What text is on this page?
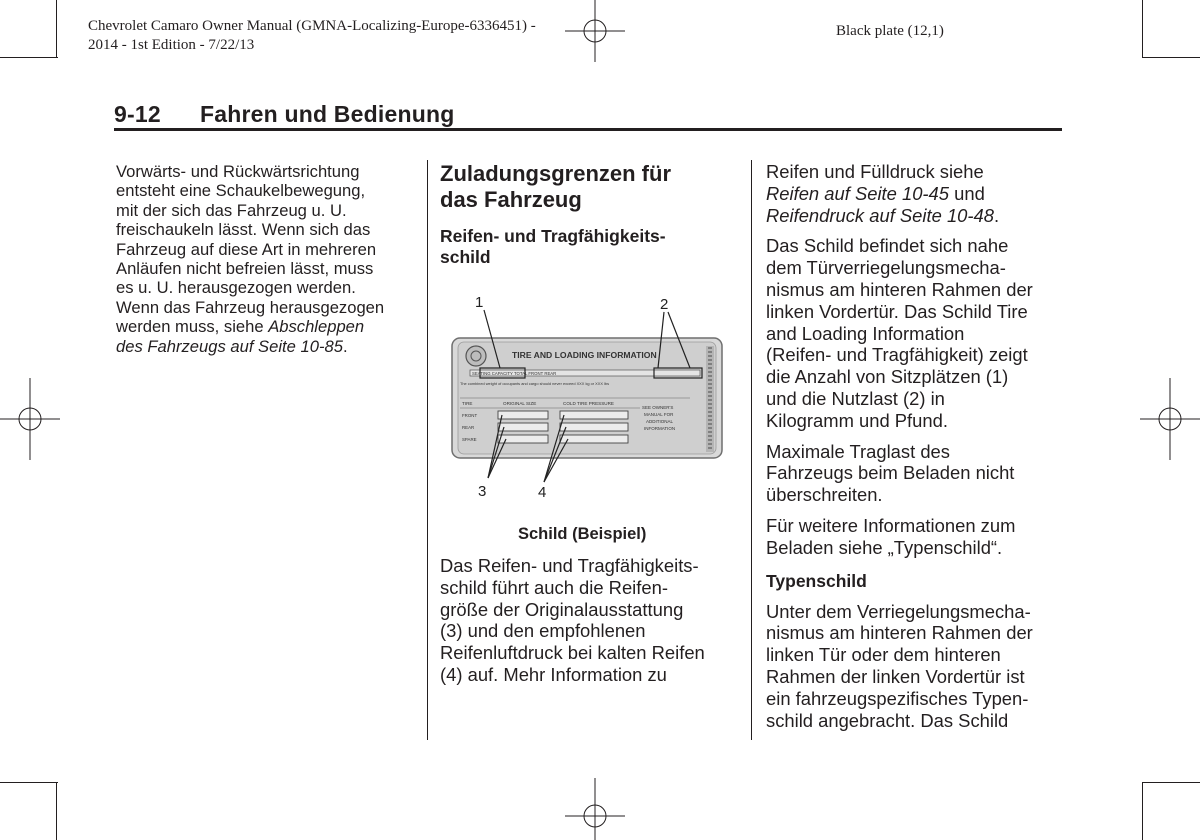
Chevrolet Camaro Owner Manual (GMNA-Localizing-Europe-6336451) -
2014 - 1st Edition - 7/22/13
Black plate (12,1)
9-12 Fahren und Bedienung
Vorwärts- und Rückwärtsrichtung
entsteht eine Schaukelbewegung,
mit der sich das Fahrzeug u. U.
freischaukeln lässt. Wenn sich das
Fahrzeug auf diese Art in mehreren
Anläufen nicht befreien lässt, muss
es u. U. herausgezogen werden.
Wenn das Fahrzeug herausgezogen
werden muss, siehe Abschleppen
des Fahrzeugs auf Seite 10-85.
Zuladungsgrenzen für
das Fahrzeug
Reifen- und Tragfähigkeits-
schild
TIRE AND LOADING INFORMATION
SEATING CAPACITY TOTAL FRONT REAR
The combined weight of occupants and cargo should never exceed XXX kg or XXX lbs
TIRE	ORIGINAL SIZE	COLD TIRE PRESSURE
FRONT
REAR
SPARE
SEE OWNER'S
MANUAL FOR
ADDITIONAL
INFORMATION
1	2
3	4
Schild (Beispiel)
Das Reifen- und Tragfähigkeits-
schild führt auch die Reifen-
größe der Originalausstattung
(3) und den empfohlenen
Reifenluftdruck bei kalten Reifen
(4) auf. Mehr Information zu
Reifen und Fülldruck siehe
Reifen auf Seite 10-45 und
Reifendruck auf Seite 10-48.
Das Schild befindet sich nahe
dem Türverriegelungsmecha-
nismus am hinteren Rahmen der
linken Vordertür. Das Schild Tire
and Loading Information
(Reifen- und Tragfähigkeit) zeigt
die Anzahl von Sitzplätzen (1)
und die Nutzlast (2) in
Kilogramm und Pfund.
Maximale Traglast des
Fahrzeugs beim Beladen nicht
überschreiten.
Für weitere Informationen zum
Beladen siehe „Typenschild“.
Typenschild
Unter dem Verriegelungsmecha-
nismus am hinteren Rahmen der
linken Tür oder dem hinteren
Rahmen der linken Vordertür ist
ein fahrzeugspezifisches Typen-
schild angebracht. Das Schild
